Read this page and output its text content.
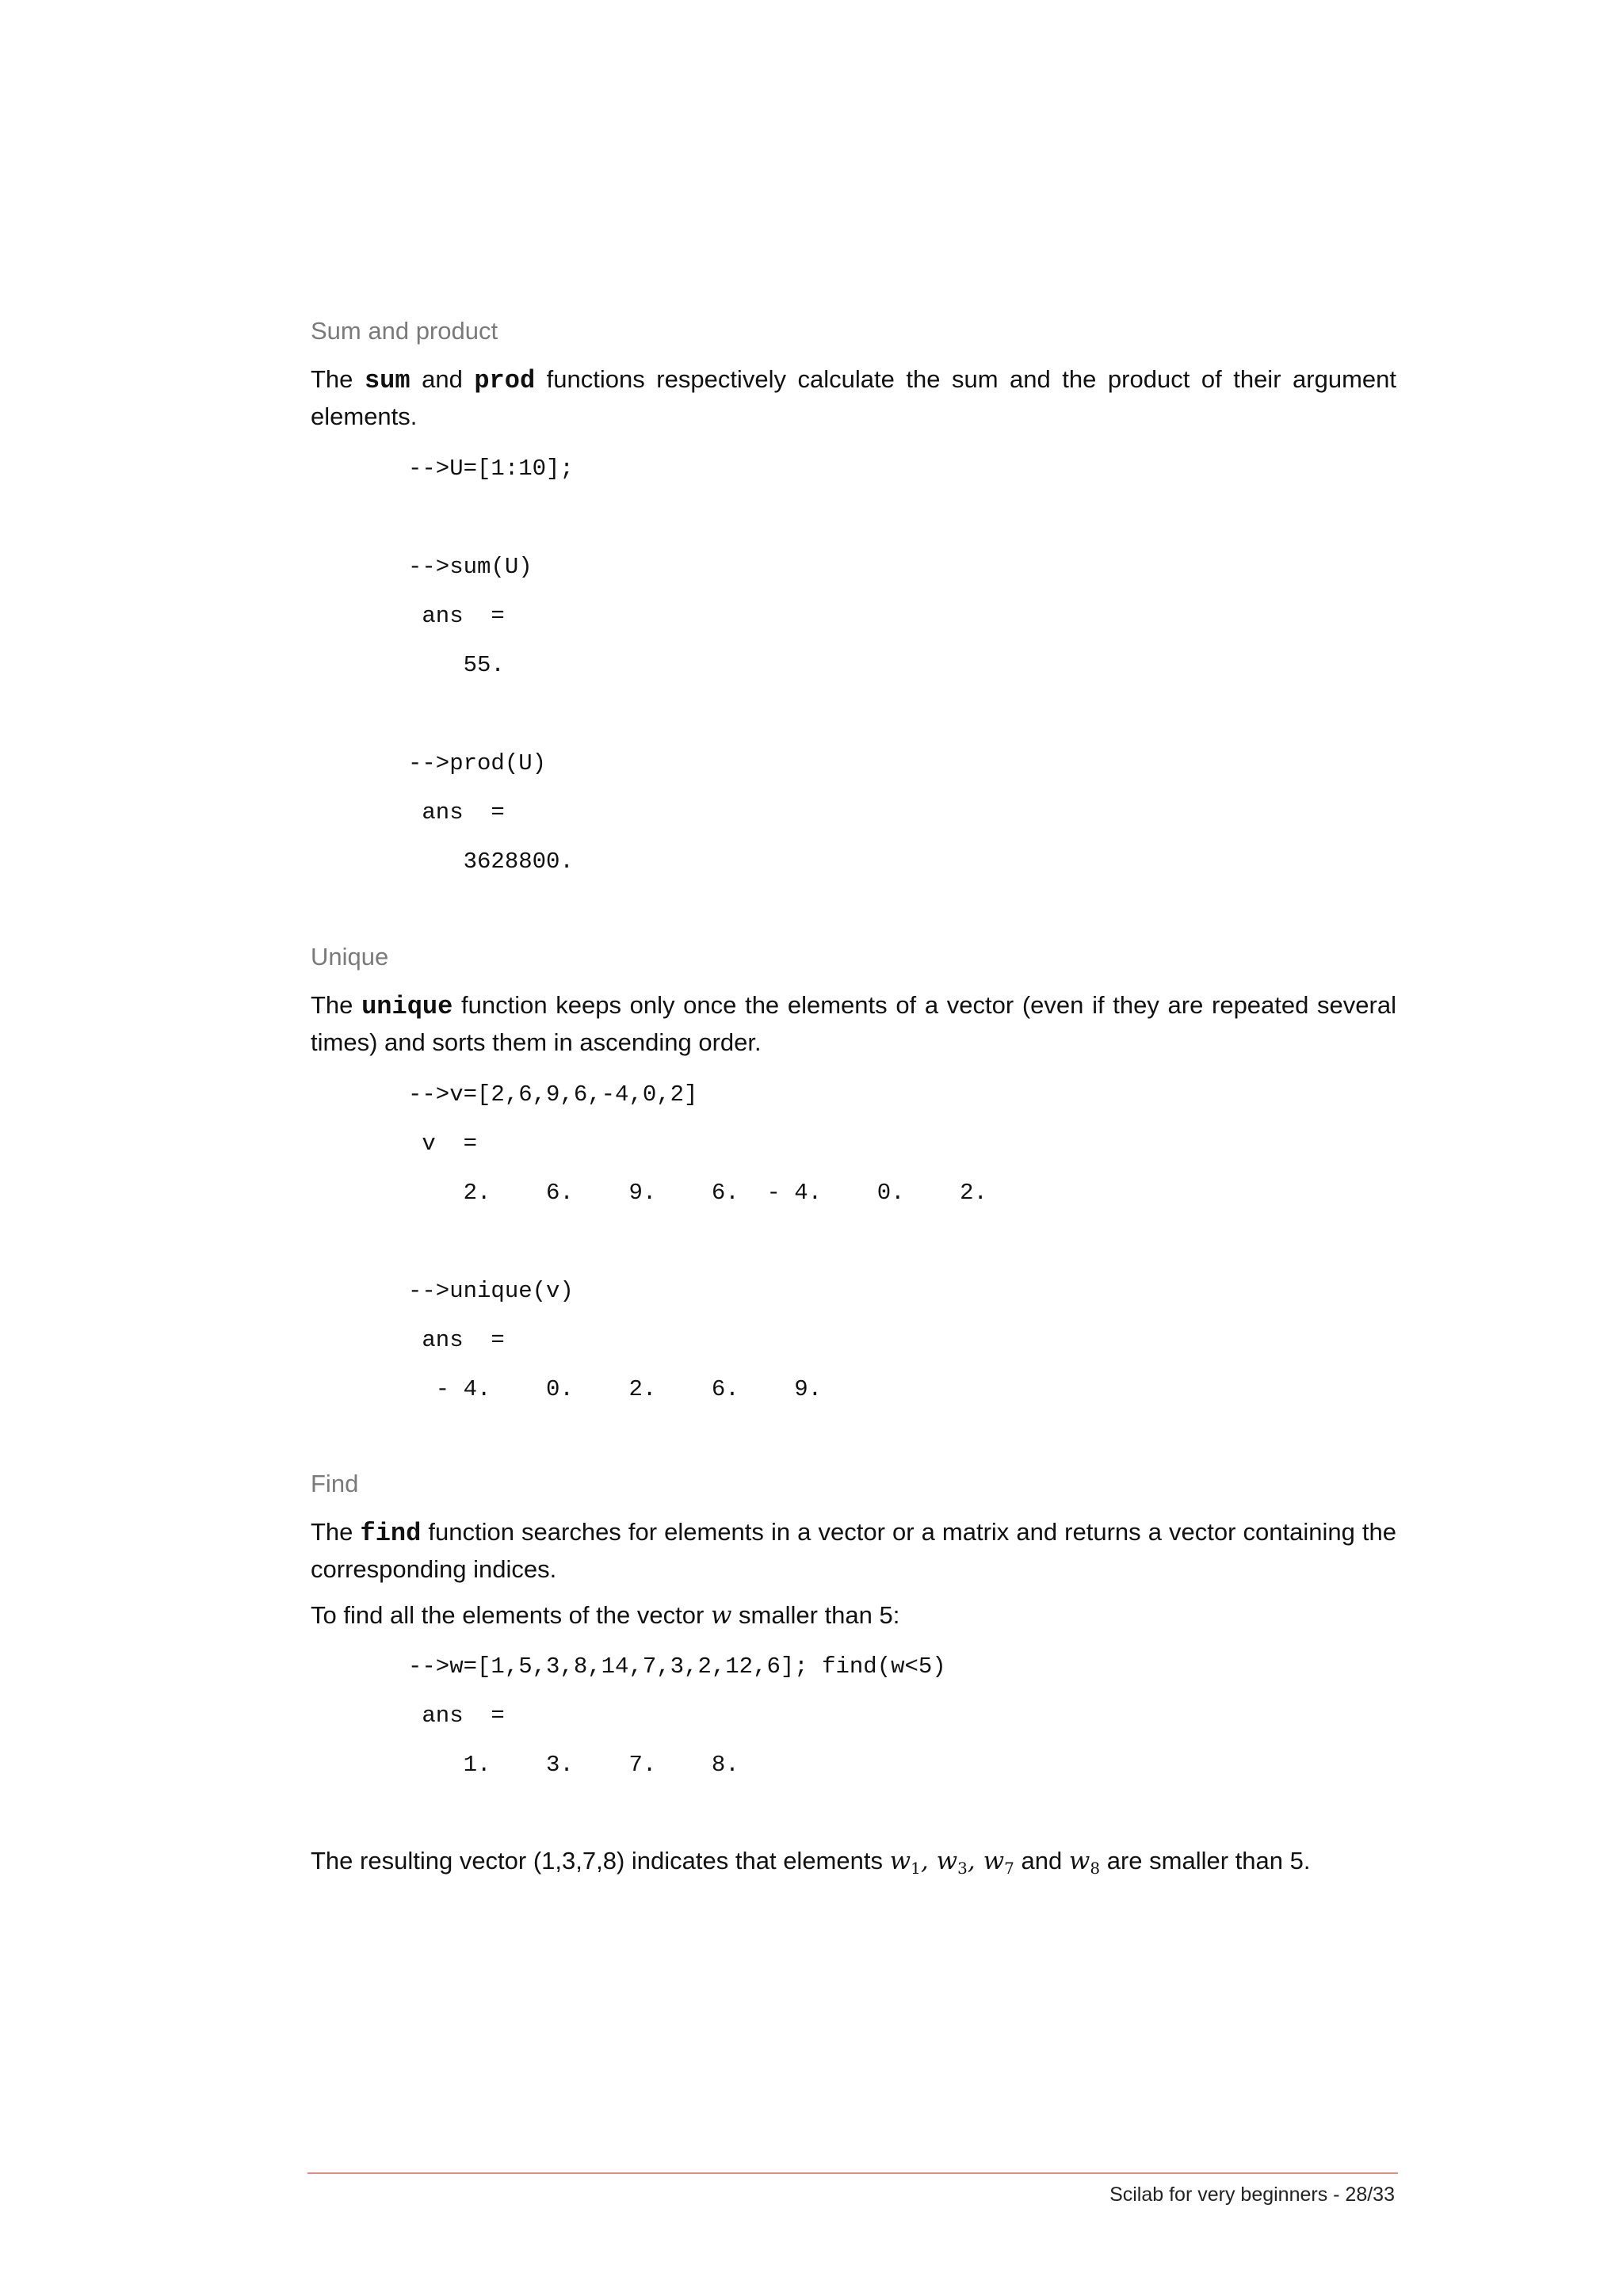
Sum and product
The sum and prod functions respectively calculate the sum and the product of their argument elements.
-->U=[1:10];
-->sum(U)
ans  =
55.
-->prod(U)
ans  =
3628800.
Unique
The unique function keeps only once the elements of a vector (even if they are repeated several times) and sorts them in ascending order.
-->v=[2,6,9,6,-4,0,2]
v  =
2.    6.    9.    6.  - 4.    0.    2.
-->unique(v)
ans  =
- 4.    0.    2.    6.    9.
Find
The find function searches for elements in a vector or a matrix and returns a vector containing the corresponding indices.
To find all the elements of the vector w smaller than 5:
-->w=[1,5,3,8,14,7,3,2,12,6]; find(w<5)
ans  =
1.    3.    7.    8.
The resulting vector (1,3,7,8) indicates that elements $w_1$, $w_3$, $w_7$ and $w_8$ are smaller than 5.
Scilab for very beginners - 28/33
